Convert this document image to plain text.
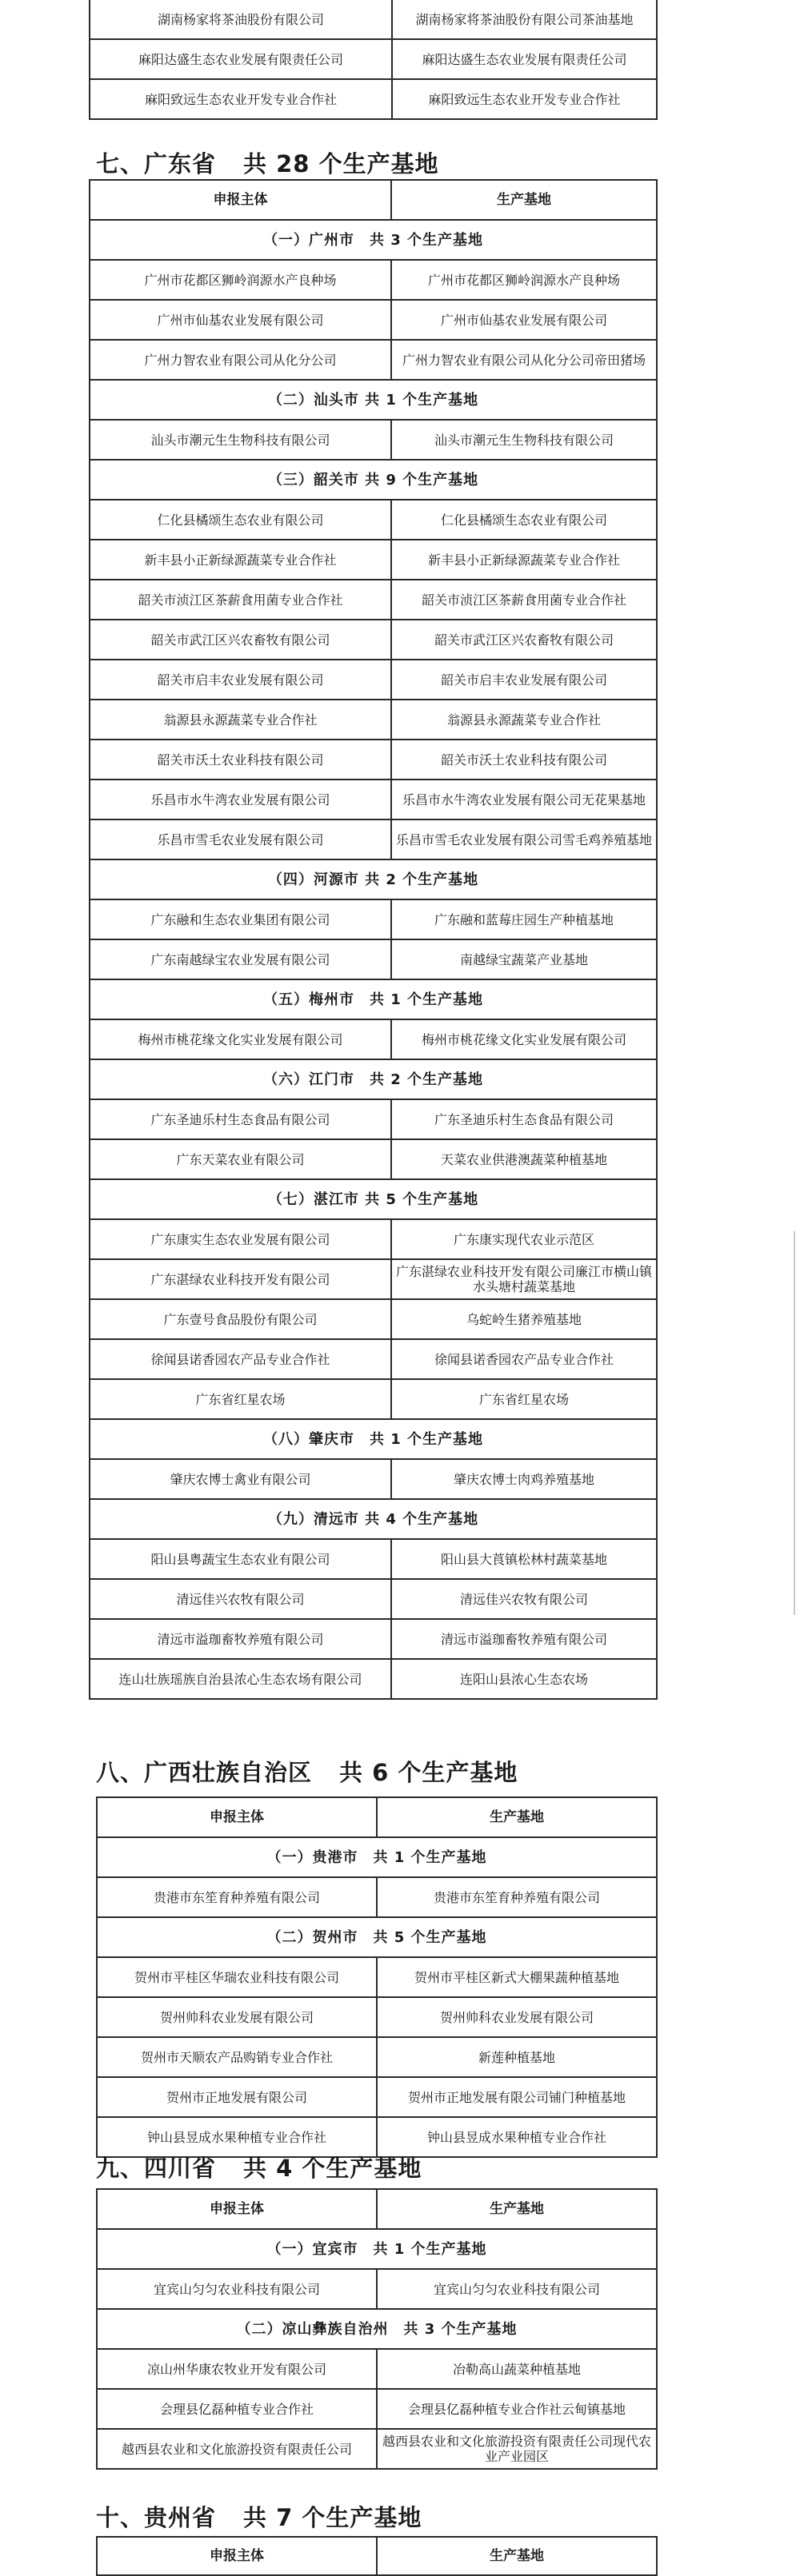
湖南杨家将茶油股份有限公司	湖南杨家将茶油股份有限公司茶油基地
麻阳达盛生态农业发展有限责任公司	麻阳达盛生态农业发展有限责任公司
麻阳致远生态农业开发专业合作社	麻阳致远生态农业开发专业合作社
七、广东省 共 28 个生产基地
申报主体	生产基地
（一）广州市　共 3 个生产基地	
广州市花都区狮岭润源水产良种场	广州市花都区狮岭润源水产良种场
广州市仙基农业发展有限公司	广州市仙基农业发展有限公司
广州力智农业有限公司从化分公司	广州力智农业有限公司从化分公司帝田猪场
（二）汕头市 共 1 个生产基地	
汕头市潮元生生物科技有限公司	汕头市潮元生生物科技有限公司
（三）韶关市 共 9 个生产基地	
仁化县橘颂生态农业有限公司	仁化县橘颂生态农业有限公司
新丰县小正新绿源蔬菜专业合作社	新丰县小正新绿源蔬菜专业合作社
韶关市浈江区茶薪食用菌专业合作社	韶关市浈江区茶薪食用菌专业合作社
韶关市武江区兴农畜牧有限公司	韶关市武江区兴农畜牧有限公司
韶关市启丰农业发展有限公司	韶关市启丰农业发展有限公司
翁源县永源蔬菜专业合作社	翁源县永源蔬菜专业合作社
韶关市沃土农业科技有限公司	韶关市沃土农业科技有限公司
乐昌市水牛湾农业发展有限公司	乐昌市水牛湾农业发展有限公司无花果基地
乐昌市雪毛农业发展有限公司	乐昌市雪毛农业发展有限公司雪毛鸡养殖基地
（四）河源市 共 2 个生产基地	
广东融和生态农业集团有限公司	广东融和蓝莓庄园生产种植基地
广东南越绿宝农业发展有限公司	南越绿宝蔬菜产业基地
（五）梅州市　共 1 个生产基地	
梅州市桃花缘文化实业发展有限公司	梅州市桃花缘文化实业发展有限公司
（六）江门市　共 2 个生产基地	
广东圣迪乐村生态食品有限公司	广东圣迪乐村生态食品有限公司
广东天菜农业有限公司	天菜农业供港澳蔬菜种植基地
（七）湛江市 共 5 个生产基地	
广东康实生态农业发展有限公司	广东康实现代农业示范区
广东湛绿农业科技开发有限公司	广东湛绿农业科技开发有限公司廉江市横山镇水头塘村蔬菜基地
广东壹号食品股份有限公司	乌蛇岭生猪养殖基地
徐闻县诺香园农产品专业合作社	徐闻县诺香园农产品专业合作社
广东省红星农场	广东省红星农场
（八）肇庆市　共 1 个生产基地	
肇庆农博士禽业有限公司	肇庆农博士肉鸡养殖基地
（九）清远市 共 4 个生产基地	
阳山县粤蔬宝生态农业有限公司	阳山县大莨镇松林村蔬菜基地
清远佳兴农牧有限公司	清远佳兴农牧有限公司
清远市溢珈畜牧养殖有限公司	清远市溢珈畜牧养殖有限公司
连山壮族瑶族自治县浓心生态农场有限公司	连阳山县浓心生态农场
八、广西壮族自治区 共 6 个生产基地
申报主体	生产基地
（一）贵港市　共 1 个生产基地	
贵港市东笙育种养殖有限公司	贵港市东笙育种养殖有限公司
（二）贺州市　共 5 个生产基地	
贺州市平桂区华瑞农业科技有限公司	贺州市平桂区新式大棚果蔬种植基地
贺州帅科农业发展有限公司	贺州帅科农业发展有限公司
贺州市天顺农产品购销专业合作社	新莲种植基地
贺州市正地发展有限公司	贺州市正地发展有限公司铺门种植基地
钟山县昱成水果种植专业合作社	钟山县昱成水果种植专业合作社
九、四川省 共 4 个生产基地
申报主体	生产基地
（一）宜宾市　共 1 个生产基地	
宜宾山匀匀农业科技有限公司	宜宾山匀匀农业科技有限公司
（二）凉山彝族自治州　共 3 个生产基地	
凉山州华康农牧业开发有限公司	冶勒高山蔬菜种植基地
会理县亿磊种植专业合作社	会理县亿磊种植专业合作社云甸镇基地
越西县农业和文化旅游投资有限责任公司	越西县农业和文化旅游投资有限责任公司现代农业产业园区
十、贵州省 共 7 个生产基地
申报主体	生产基地
